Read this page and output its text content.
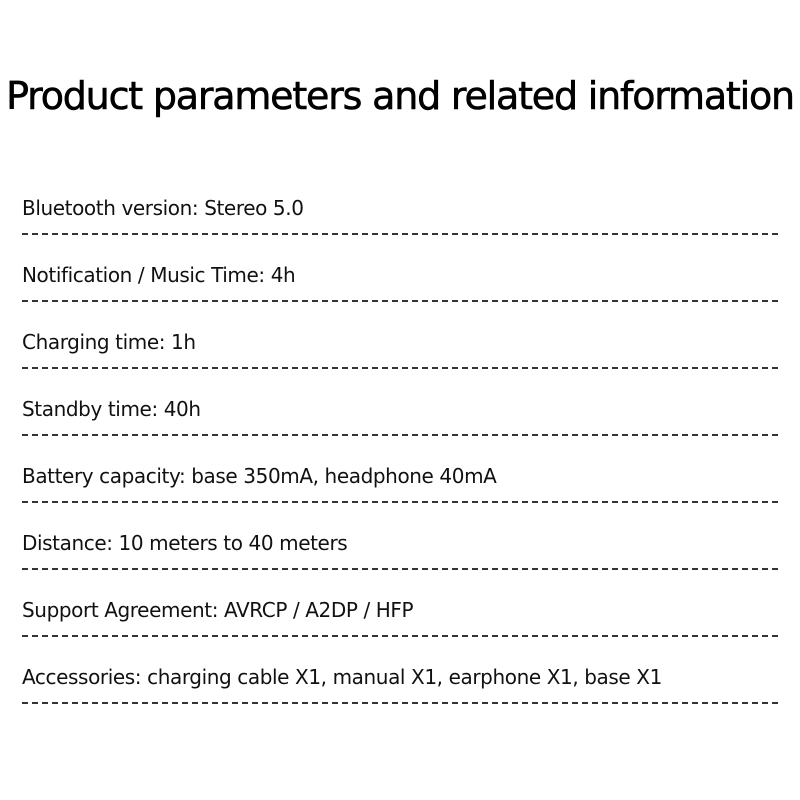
Product parameters and related information
Bluetooth version: Stereo 5.0
Notification / Music Time: 4h
Charging time: 1h
Standby time: 40h
Battery capacity: base 350mA, headphone 40mA
Distance: 10 meters to 40 meters
Support Agreement: AVRCP / A2DP / HFP
Accessories: charging cable X1, manual X1, earphone X1, base X1
